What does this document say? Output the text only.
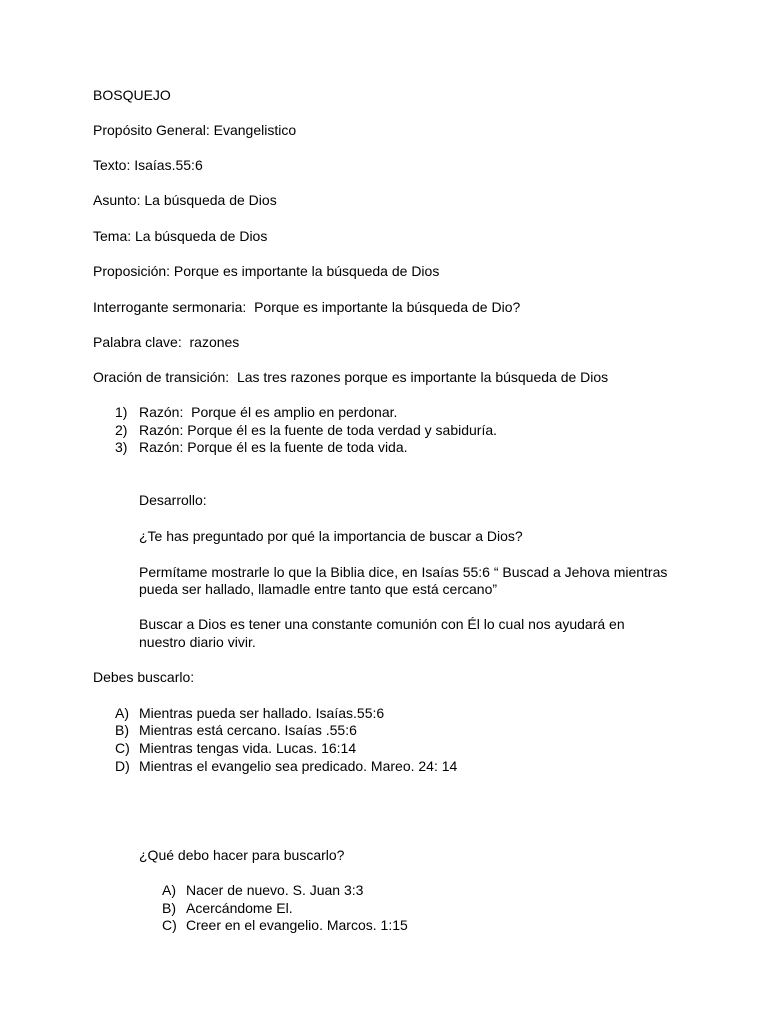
BOSQUEJO
Propósito General: Evangelistico
Texto: Isaías.55:6
Asunto: La búsqueda de Dios
Tema: La búsqueda de Dios
Proposición: Porque es importante la búsqueda de Dios
Interrogante sermonaria:  Porque es importante la búsqueda de Dio?
Palabra clave:  razones
Oración de transición:  Las tres razones porque es importante la búsqueda de Dios
1) Razón:  Porque él es amplio en perdonar.
2) Razón: Porque él es la fuente de toda verdad y sabiduría.
3) Razón: Porque él es la fuente de toda vida.
Desarrollo:
¿Te has preguntado por qué la importancia de buscar a Dios?
Permítame mostrarle lo que la Biblia dice, en Isaías 55:6 “ Buscad a Jehova mientras
pueda ser hallado, llamadle entre tanto que está cercano”
Buscar a Dios es tener una constante comunión con Él lo cual nos ayudará en
nuestro diario vivir.
Debes buscarlo:
A) Mientras pueda ser hallado. Isaías.55:6
B) Mientras está cercano. Isaías .55:6
C) Mientras tengas vida. Lucas. 16:14
D) Mientras el evangelio sea predicado. Mareo. 24: 14
¿Qué debo hacer para buscarlo?
A) Nacer de nuevo. S. Juan 3:3
B) Acercándome El.
C) Creer en el evangelio. Marcos. 1:15
